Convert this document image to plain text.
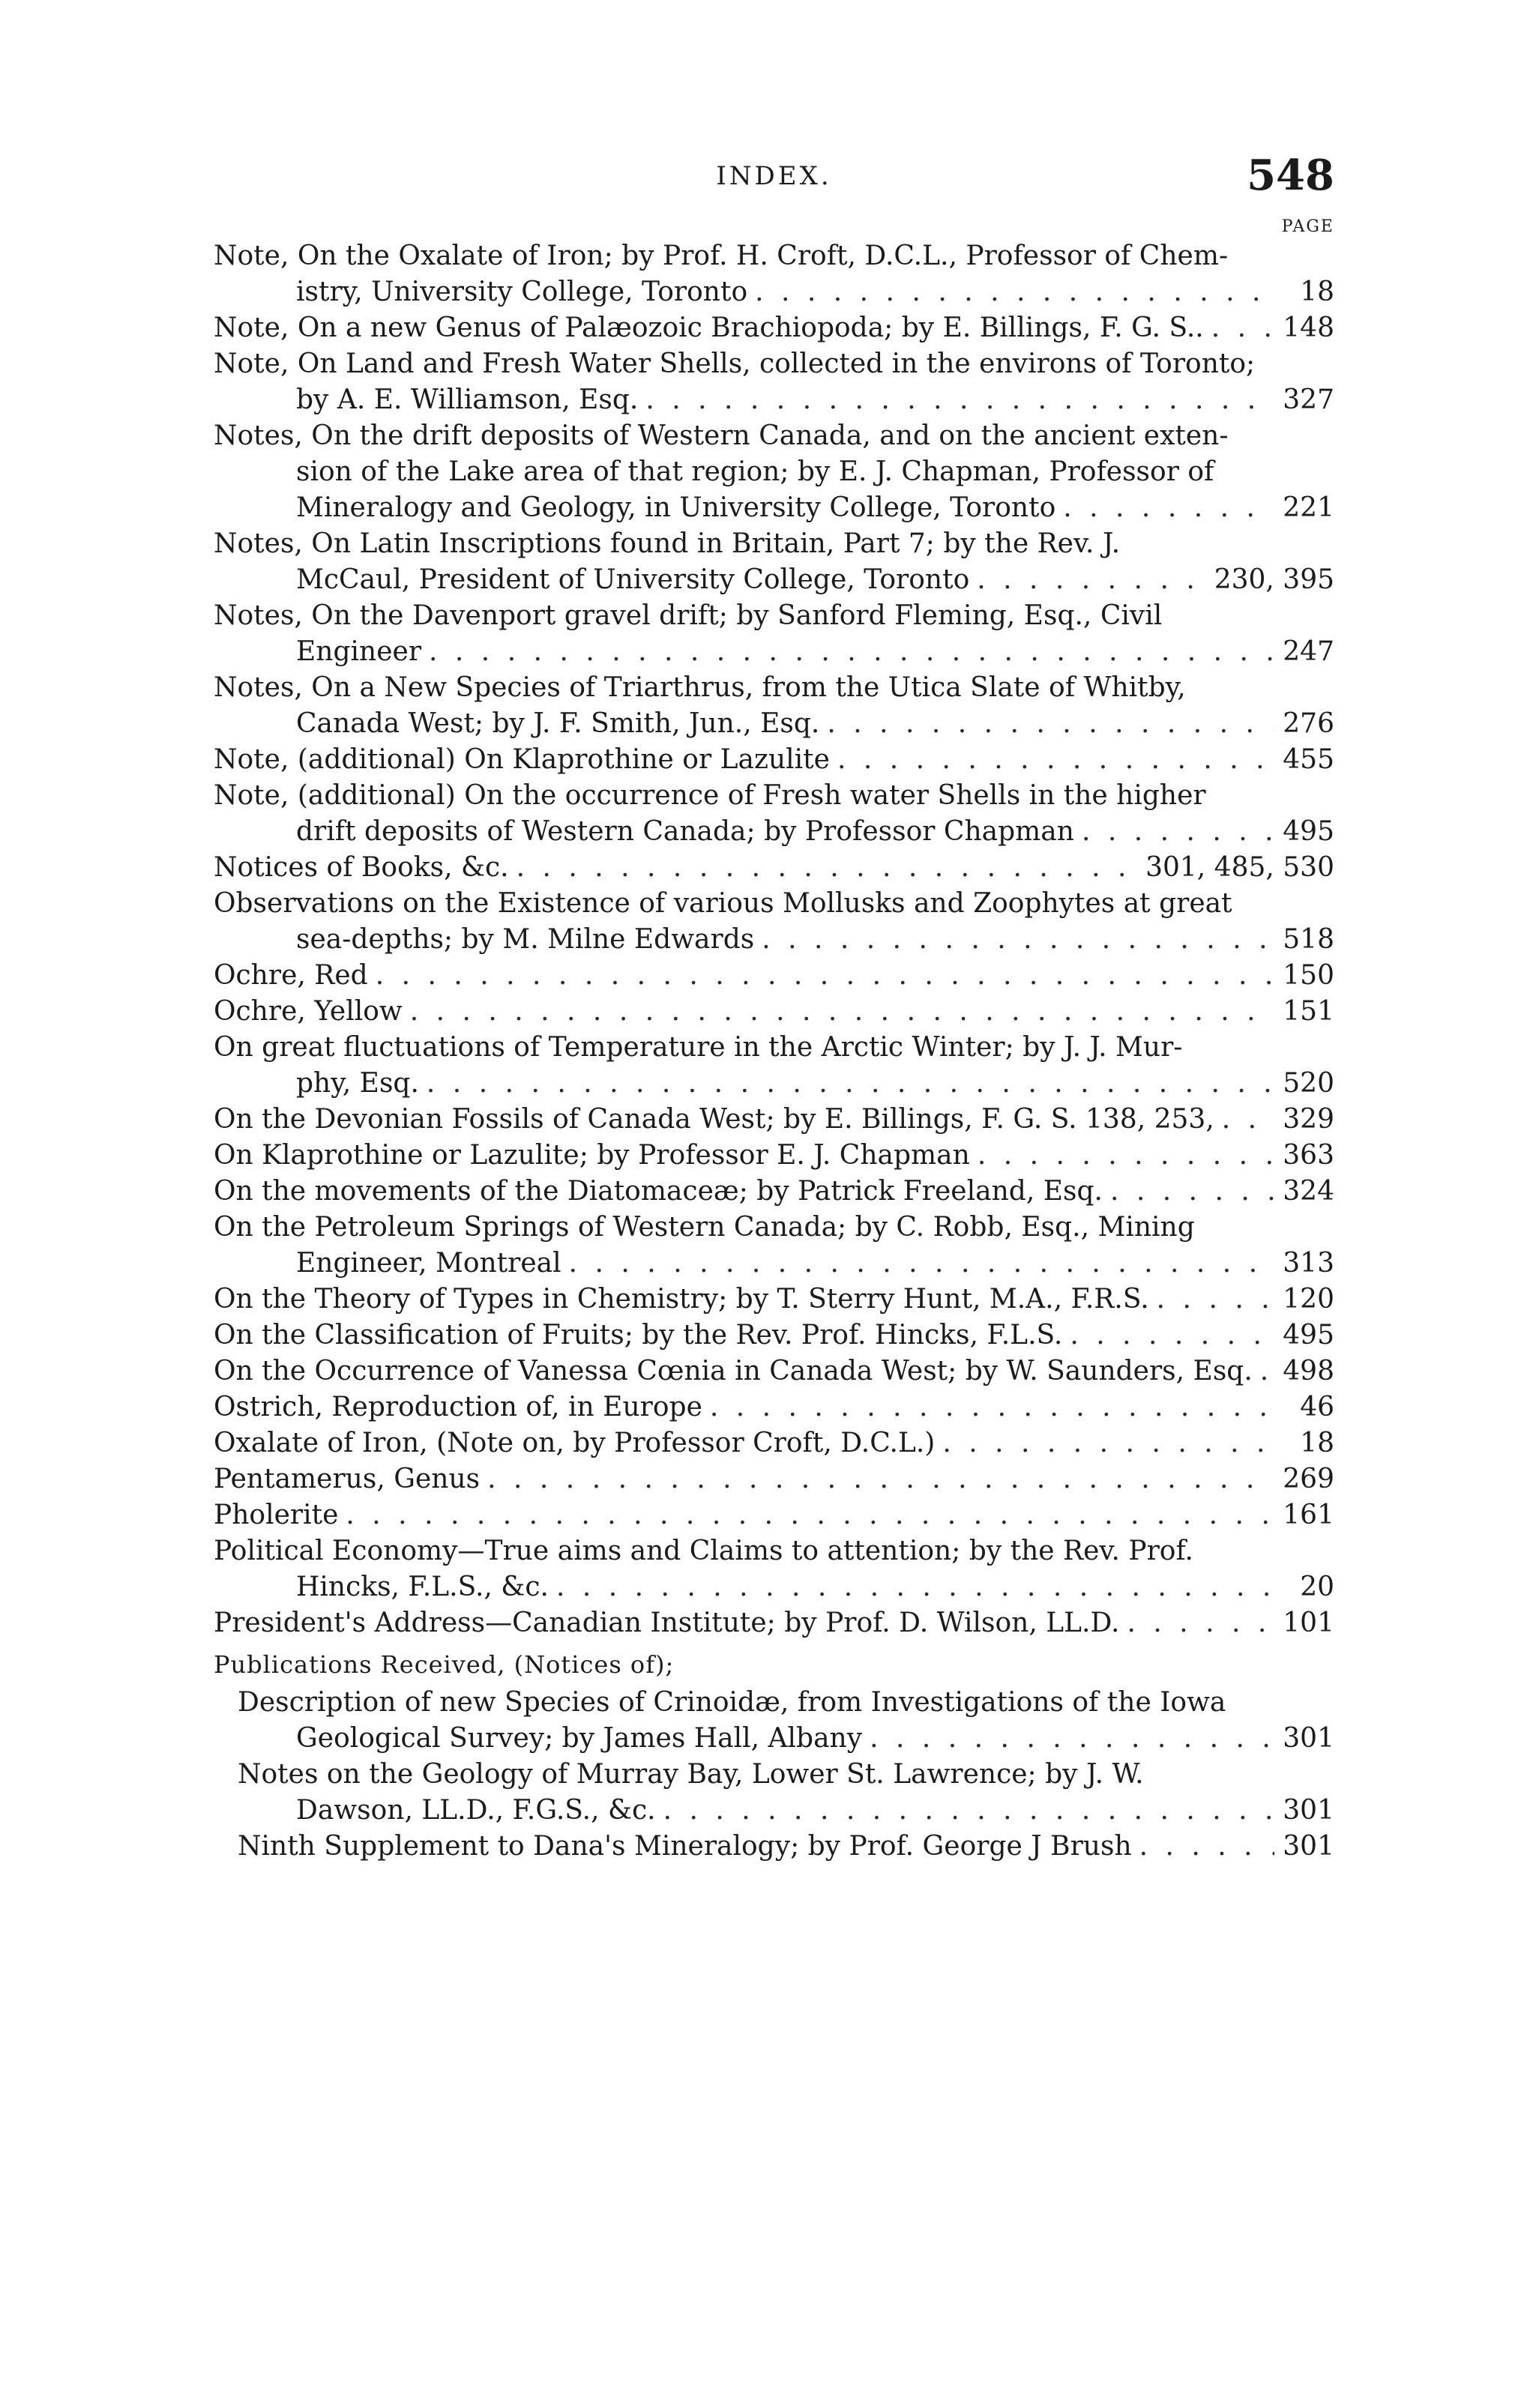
INDEX.	548
PAGE
Note, On the Oxalate of Iron; by Prof. H. Croft, D.C.L., Professor of Chem-
istry, University College, Toronto . . .	18
Note, On a new Genus of Palæozoic Brachiopoda; by E. Billings, F. G. S.. . . .	148
Note, On Land and Fresh Water Shells, collected in the environs of Toronto;
by A. E. Williamson, Esq. . . .	327
Notes, On the drift deposits of Western Canada, and on the ancient exten-
sion of the Lake area of that region; by E. J. Chapman, Professor of
Mineralogy and Geology, in University College, Toronto . . .	221
Notes, On Latin Inscriptions found in Britain, Part 7; by the Rev. J.
McCaul, President of University College, Toronto . . .	230, 395
Notes, On the Davenport gravel drift; by Sanford Fleming, Esq., Civil
Engineer . . .	247
Notes, On a New Species of Triarthrus, from the Utica Slate of Whitby,
Canada West; by J. F. Smith, Jun., Esq. . . .	276
Note, (additional) On Klaprothine or Lazulite . . .	455
Note, (additional) On the occurrence of Fresh water Shells in the higher
drift deposits of Western Canada; by Professor Chapman . . .	495
Notices of Books, &c. . . .	301, 485, 530
Observations on the Existence of various Mollusks and Zoophytes at great
sea-depths; by M. Milne Edwards . . .	518
Ochre, Red . . .	150
Ochre, Yellow . . .	151
On great fluctuations of Temperature in the Arctic Winter; by J. J. Mur-
phy, Esq. . . .	520
On the Devonian Fossils of Canada West; by E. Billings, F. G. S. 138, 253, . . .	329
On Klaprothine or Lazulite; by Professor E. J. Chapman . . .	363
On the movements of the Diatomaceæ; by Patrick Freeland, Esq. . . .	324
On the Petroleum Springs of Western Canada; by C. Robb, Esq., Mining
Engineer, Montreal . . .	313
On the Theory of Types in Chemistry; by T. Sterry Hunt, M.A., F.R.S. . . .	120
On the Classification of Fruits; by the Rev. Prof. Hincks, F.L.S. . . .	495
On the Occurrence of Vanessa Cœnia in Canada West; by W. Saunders, Esq. . . . 498
Ostrich, Reproduction of, in Europe . . .	46
Oxalate of Iron, (Note on, by Professor Croft, D.C.L.) . . .	18
Pentamerus, Genus . . .	269
Pholerite . . .	161
Political Economy—True aims and Claims to attention; by the Rev. Prof.
Hincks, F.L.S., &c. . . .	20
President's Address—Canadian Institute; by Prof. D. Wilson, LL.D. . . .	101
Publications Received, (Notices of);
Description of new Species of Crinoidæ, from Investigations of the Iowa
Geological Survey; by James Hall, Albany . . .	301
Notes on the Geology of Murray Bay, Lower St. Lawrence; by J. W.
Dawson, LL.D., F.G.S., &c. . . .	301
Ninth Supplement to Dana's Mineralogy; by Prof. George J Brush . . .	301
